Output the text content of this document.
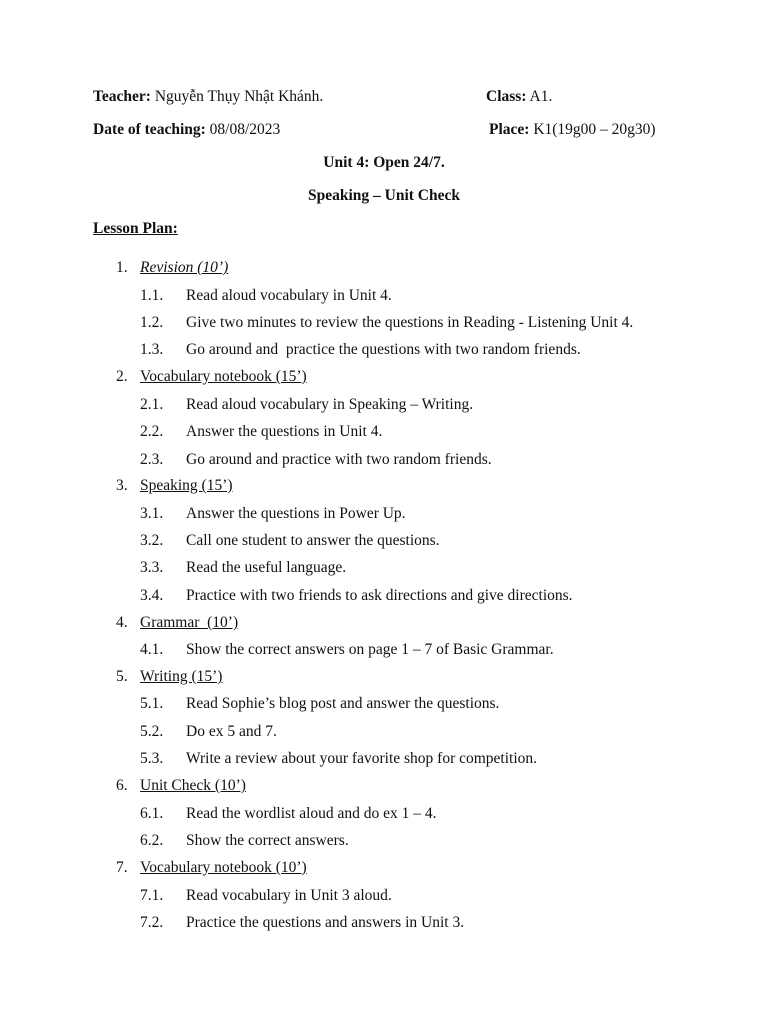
Teacher: Nguyễn Thụy Nhật Khánh.	Class: A1.
Date of teaching: 08/08/2023	Place: K1(19g00 – 20g30)
Unit 4: Open 24/7.
Speaking – Unit Check
Lesson Plan:
1. Revision (10’)
1.1. Read aloud vocabulary in Unit 4.
1.2. Give two minutes to review the questions in Reading - Listening Unit 4.
1.3. Go around and  practice the questions with two random friends.
2. Vocabulary notebook (15’)
2.1. Read aloud vocabulary in Speaking – Writing.
2.2. Answer the questions in Unit 4.
2.3. Go around and practice with two random friends.
3. Speaking (15’)
3.1. Answer the questions in Power Up.
3.2. Call one student to answer the questions.
3.3. Read the useful language.
3.4. Practice with two friends to ask directions and give directions.
4. Grammar  (10’)
4.1. Show the correct answers on page 1 – 7 of Basic Grammar.
5. Writing (15’)
5.1. Read Sophie’s blog post and answer the questions.
5.2. Do ex 5 and 7.
5.3. Write a review about your favorite shop for competition.
6. Unit Check (10’)
6.1. Read the wordlist aloud and do ex 1 – 4.
6.2. Show the correct answers.
7. Vocabulary notebook (10’)
7.1. Read vocabulary in Unit 3 aloud.
7.2. Practice the questions and answers in Unit 3.
